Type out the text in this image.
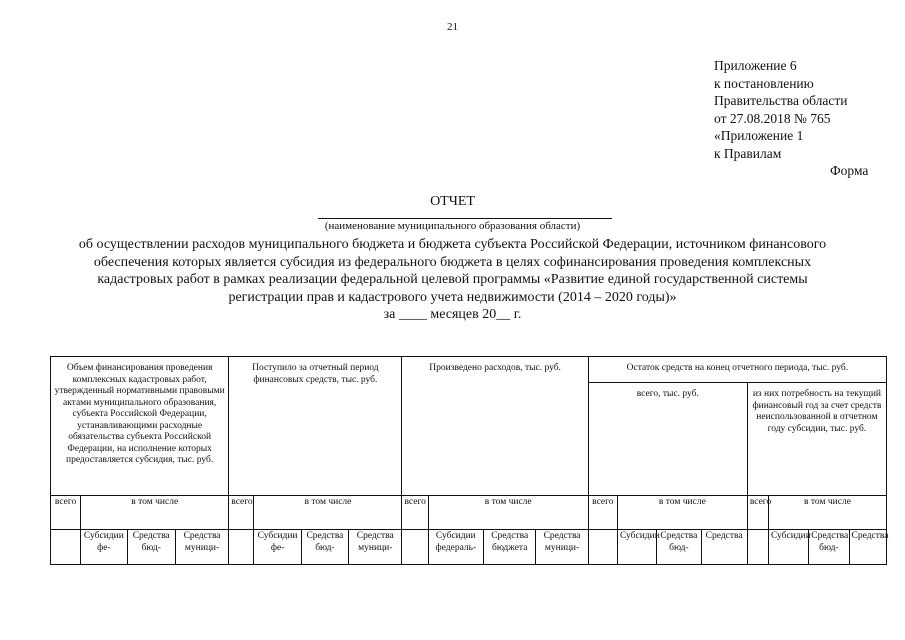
21
Приложение 6
к постановлению
Правительства области
от 27.08.2018 № 765
«Приложение 1
к Правилам
Форма
ОТЧЕТ
(наименование муниципального образования области)
об осуществлении расходов муниципального бюджета и бюджета субъекта Российской Федерации, источником финансового
обеспечения которых является субсидия из федерального бюджета в целях софинансирования проведения комплексных
кадастровых работ в рамках реализации федеральной целевой программы «Развитие единой государственной системы
регистрации прав и кадастрового учета недвижимости (2014 – 2020 годы)»
за ____ месяцев 20__ г.
Объем финансирования проведения комплексных кадастровых работ, утвержденный нормативными правовыми актами муниципального образования, субъекта Российской Федерации, устанавливающими расходные обязательства субъекта Российской Федерации, на исполнение которых предоставляется субсидия, тыс. руб.				Поступило за отчетный период финансовых средств, тыс. руб.				Произведено расходов, тыс. руб.				Остаток средств на конец отчетного периода, тыс. руб.							
												всего, тыс. руб.				из них потребность на текущий финансовый год за счет средств неиспользованной в отчетном году субсидии, тыс. руб.			
всего	в том числе			всего	в том числе			всего	в том числе			всего	в том числе			всего	в том числе		
	Субсидии фе-	Средства бюд-	Средства муници-		Субсидии фе-	Средства бюд-	Средства муници-		Субсидии федераль-	Средства бюджета	Средства муници-		Субсидии	Средства бюд-	Средства		Субсидии	Средства бюд-	Средства
